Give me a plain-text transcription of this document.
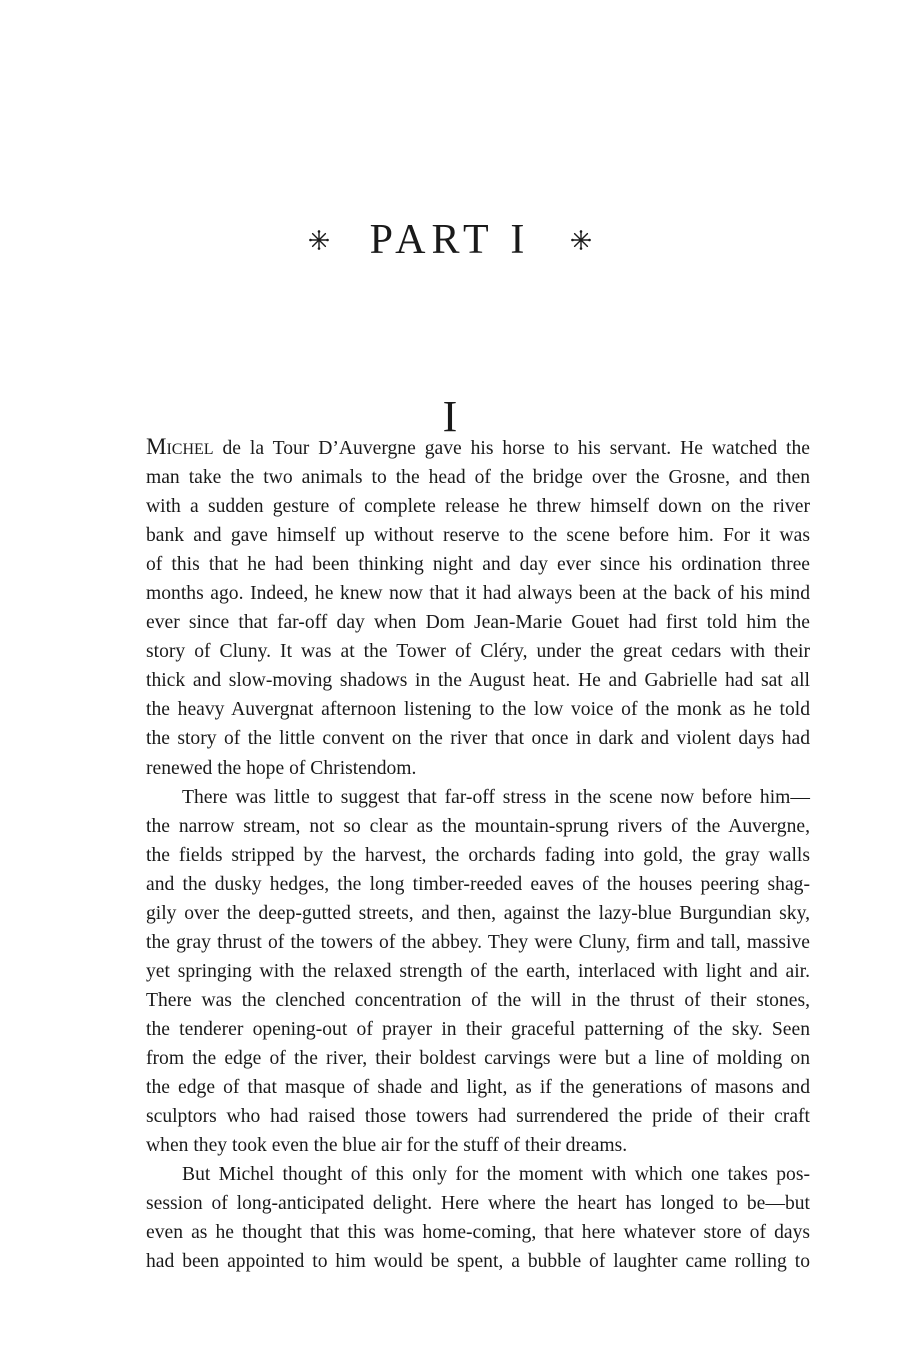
PART I
I

Michel de la Tour D’Auvergne gave his horse to his servant. He watched the
man take the two animals to the head of the bridge over the Grosne, and then
with a sudden gesture of complete release he threw himself down on the river
bank and gave himself up without reserve to the scene before him. For it was
of this that he had been thinking night and day ever since his ordination three
months ago. Indeed, he knew now that it had always been at the back of his mind
ever since that far-off day when Dom Jean-Marie Gouet had first told him the
story of Cluny. It was at the Tower of Cléry, under the great cedars with their
thick and slow-moving shadows in the August heat. He and Gabrielle had sat all
the heavy Auvergnat afternoon listening to the low voice of the monk as he told
the story of the little convent on the river that once in dark and violent days had
renewed the hope of Christendom.

There was little to suggest that far-off stress in the scene now before him—
the narrow stream, not so clear as the mountain-sprung rivers of the Auvergne,
the fields stripped by the harvest, the orchards fading into gold, the gray walls
and the dusky hedges, the long timber-reeded eaves of the houses peering shag-
gily over the deep-gutted streets, and then, against the lazy-blue Burgundian sky,
the gray thrust of the towers of the abbey. They were Cluny, firm and tall, massive
yet springing with the relaxed strength of the earth, interlaced with light and air.
There was the clenched concentration of the will in the thrust of their stones,
the tenderer opening-out of prayer in their graceful patterning of the sky. Seen
from the edge of the river, their boldest carvings were but a line of molding on
the edge of that masque of shade and light, as if the generations of masons and
sculptors who had raised those towers had surrendered the pride of their craft
when they took even the blue air for the stuff of their dreams.

But Michel thought of this only for the moment with which one takes pos-
session of long-anticipated delight. Here where the heart has longed to be—but
even as he thought that this was home-coming, that here whatever store of days
had been appointed to him would be spent, a bubble of laughter came rolling to
